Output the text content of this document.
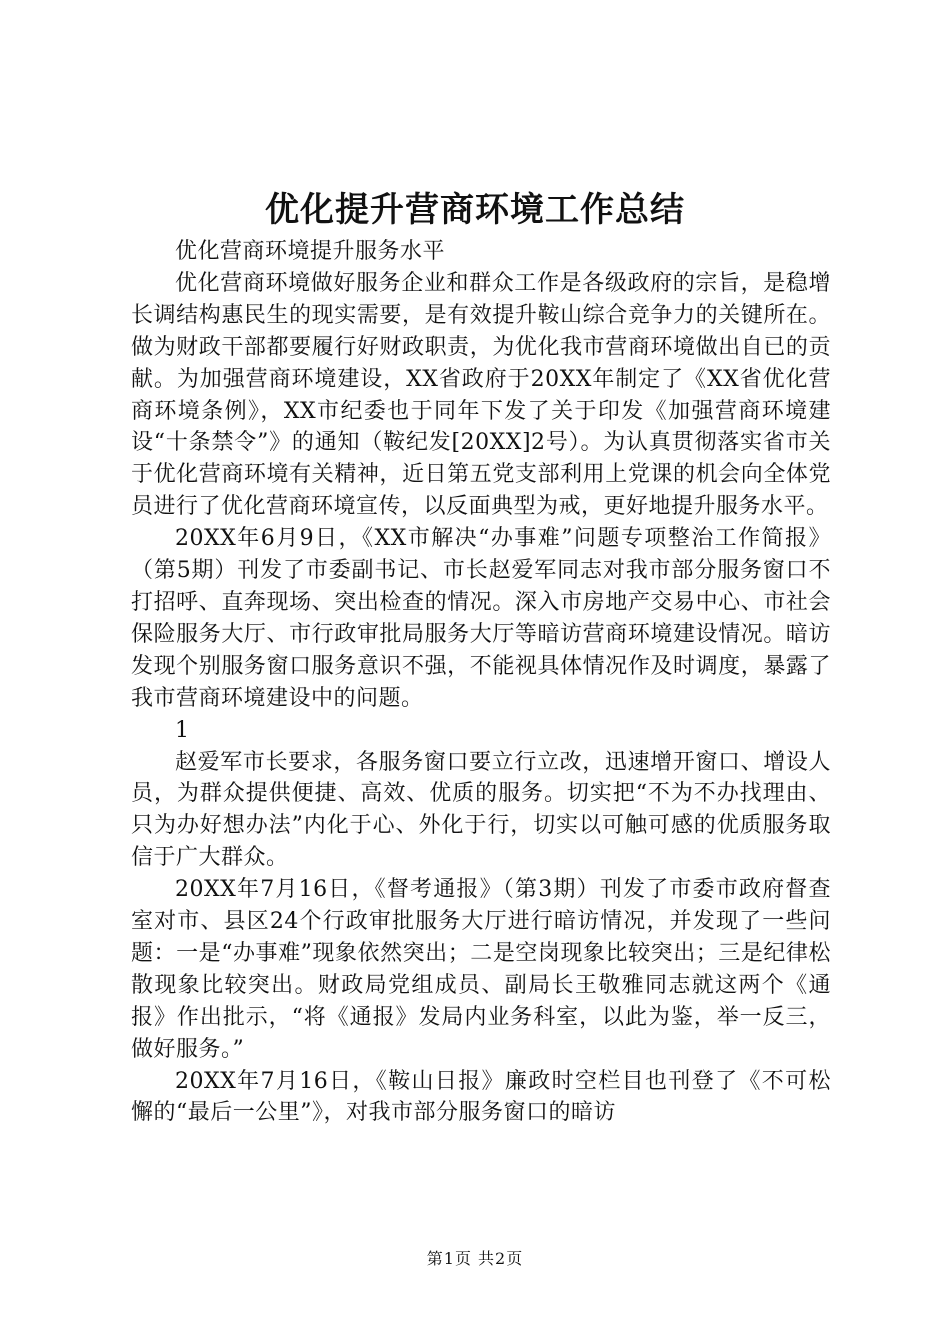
优化提升营商环境工作总结

优化营商环境提升服务水平

优化营商环境做好服务企业和群众工作是各级政府的宗旨，是稳增长调结构惠民生的现实需要，是有效提升鞍山综合竞争力的关键所在。做为财政干部都要履行好财政职责，为优化我市营商环境做出自已的贡献。为加强营商环境建设，XX省政府于20XX年制定了《XX省优化营商环境条例》，XX市纪委也于同年下发了关于印发《加强营商环境建设“十条禁令”》的通知（鞍纪发[20XX]2号）。为认真贯彻落实省市关于优化营商环境有关精神，近日第五党支部利用上党课的机会向全体党员进行了优化营商环境宣传，以反面典型为戒，更好地提升服务水平。

20XX年6月9日，《XX市解决“办事难”问题专项整治工作简报》（第5期）刊发了市委副书记、市长赵爱军同志对我市部分服务窗口不打招呼、直奔现场、突出检查的情况。深入市房地产交易中心、市社会保险服务大厅、市行政审批局服务大厅等暗访营商环境建设情况。暗访发现个别服务窗口服务意识不强，不能视具体情况作及时调度，暴露了我市营商环境建设中的问题。

1

赵爱军市长要求，各服务窗口要立行立改，迅速增开窗口、增设人员，为群众提供便捷、高效、优质的服务。切实把“不为不办找理由、只为办好想办法”内化于心、外化于行，切实以可触可感的优质服务取信于广大群众。

20XX年7月16日，《督考通报》（第3期）刊发了市委市政府督查室对市、县区24个行政审批服务大厅进行暗访情况，并发现了一些问题：一是“办事难”现象依然突出；二是空岗现象比较突出；三是纪律松散现象比较突出。财政局党组成员、副局长王敬雅同志就这两个《通报》作出批示，“将《通报》发局内业务科室，以此为鉴，举一反三，做好服务。”

20XX年7月16日，《鞍山日报》廉政时空栏目也刊登了《不可松懈的“最后一公里”》，对我市部分服务窗口的暗访

第1页 共2页
